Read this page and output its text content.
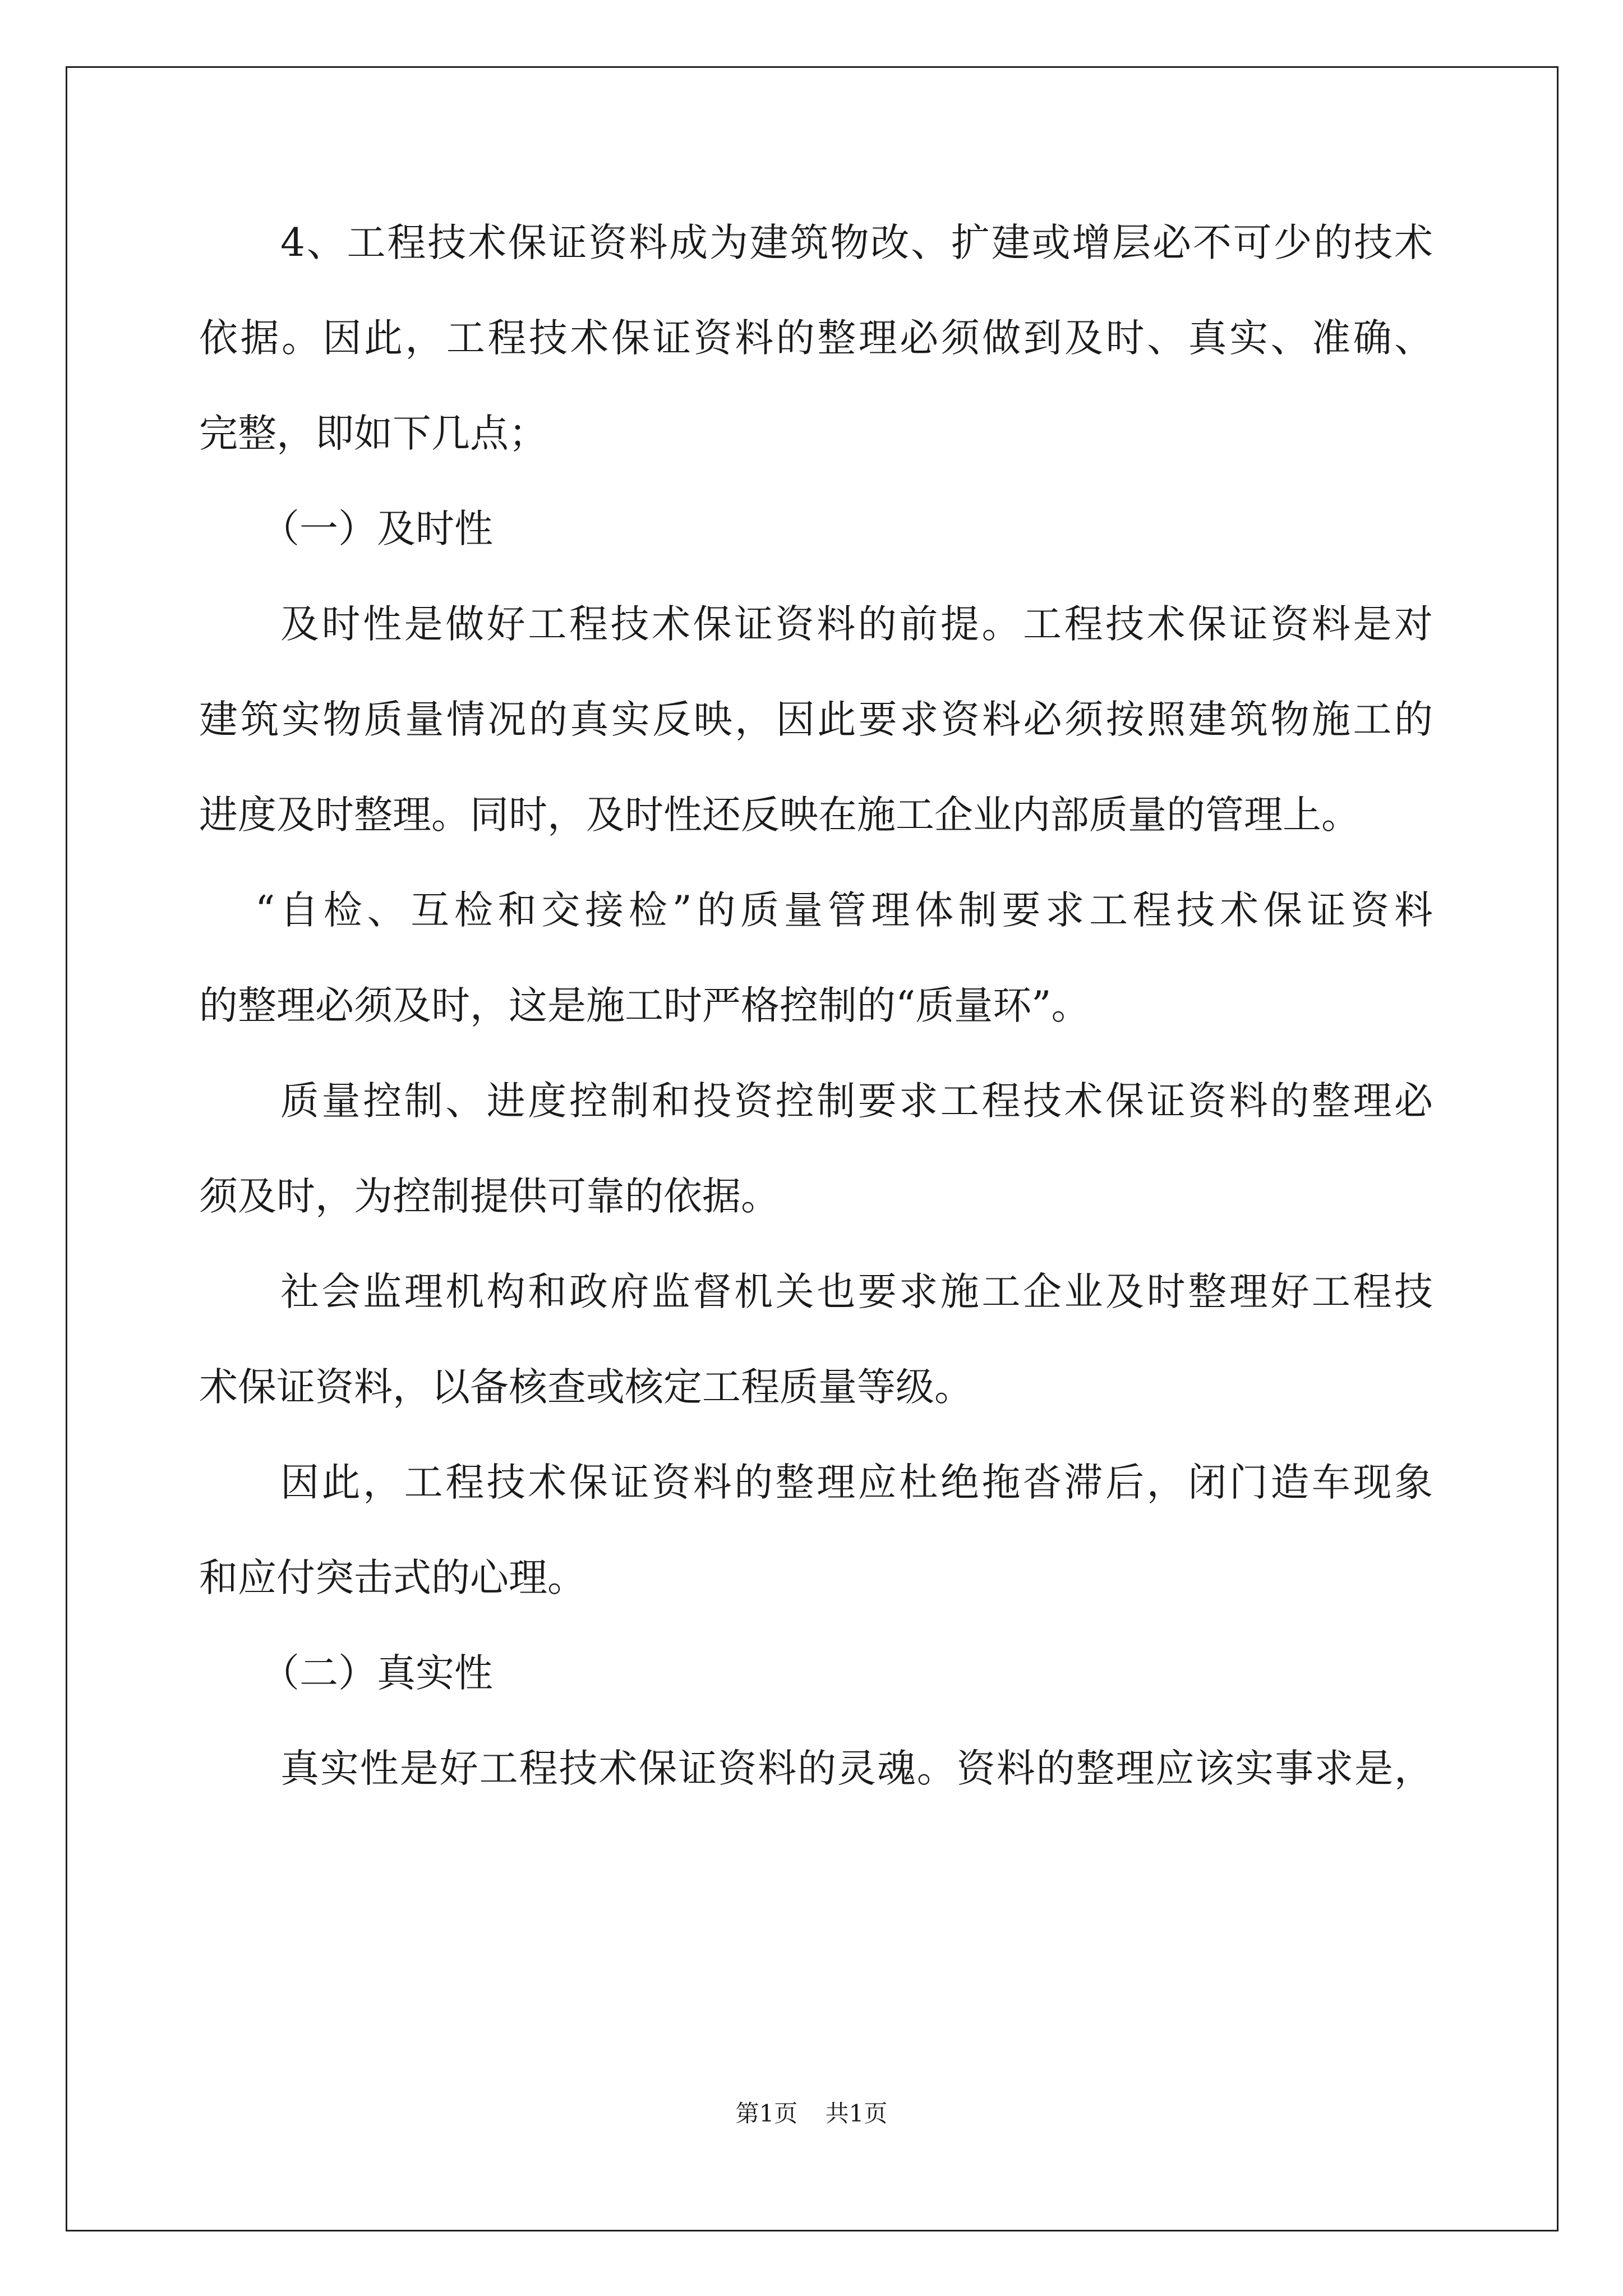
4、工程技术保证资料成为建筑物改、扩建或增层必不可少的技术
依据。因此，工程技术保证资料的整理必须做到及时、真实、准确、
完整，即如下几点；
（一）及时性
及时性是做好工程技术保证资料的前提。工程技术保证资料是对
建筑实物质量情况的真实反映，因此要求资料必须按照建筑物施工的
进度及时整理。同时，及时性还反映在施工企业内部质量的管理上。
“自检、互检和交接检”的质量管理体制要求工程技术保证资料
的整理必须及时，这是施工时严格控制的“质量环”。
质量控制、进度控制和投资控制要求工程技术保证资料的整理必
须及时，为控制提供可靠的依据。
社会监理机构和政府监督机关也要求施工企业及时整理好工程技
术保证资料，以备核查或核定工程质量等级。
因此，工程技术保证资料的整理应杜绝拖沓滞后，闭门造车现象
和应付突击式的心理。
（二）真实性
真实性是好工程技术保证资料的灵魂。资料的整理应该实事求是，
第1页 共1页
